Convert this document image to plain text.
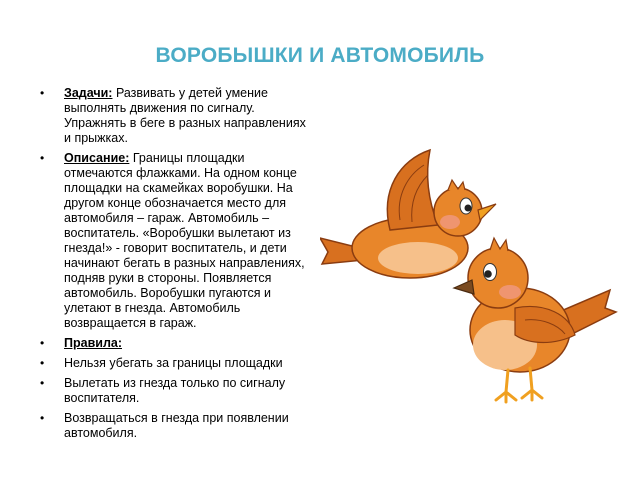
ВОРОБЫШКИ И АВТОМОБИЛЬ
• Задачи: Развивать у детей умение выполнять движения по сигналу. Упражнять в беге в разных направлениях и прыжках.
• Описание: Границы площадки отмечаются флажками. На одном конце площадки на скамейках воробушки. На другом конце обозначается место для автомобиля – гараж. Автомобиль – воспитатель. «Воробушки вылетают из гнезда!» - говорит воспитатель, и дети начинают бегать в разных направлениях, подняв руки в стороны. Появляется автомобиль. Воробушки пугаются и улетают в гнезда. Автомобиль возвращается в гараж.
• Правила:
• Нельзя убегать за границы площадки
• Вылетать из гнезда только по сигналу воспитателя.
• Возвращаться в гнезда при появлении автомобиля.
